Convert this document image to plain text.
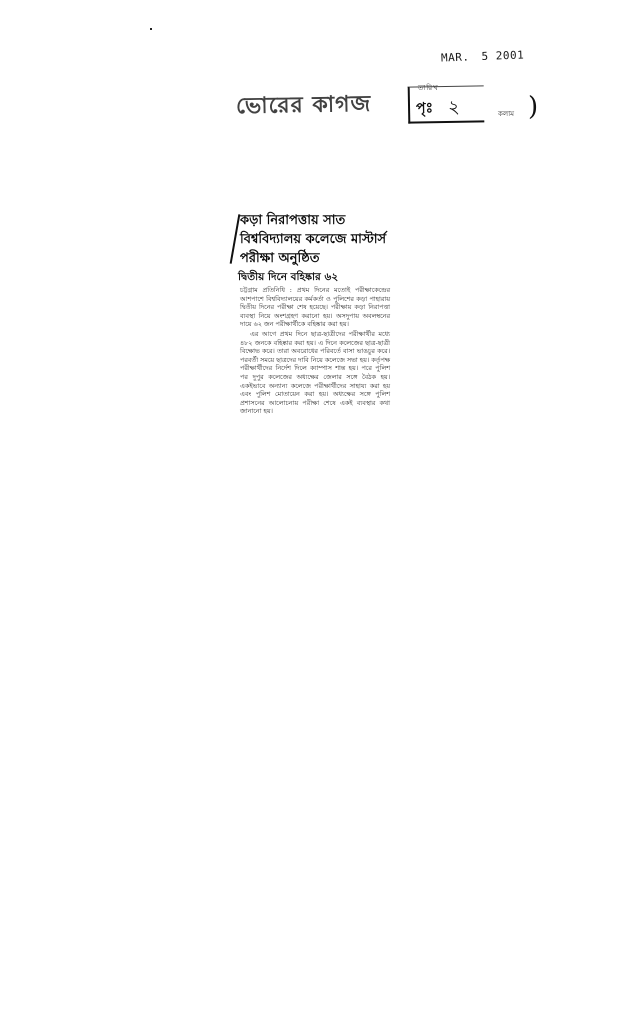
MAR. 5 2001
ভোরের কাগজ
তারিখ
পৃঃ ২	কলাম )
কড়া নিরাপত্তায় সাত
বিশ্ববিদ্যালয় কলেজে মাস্টার্স
পরীক্ষা অনুষ্ঠিত
দ্বিতীয় দিনে বহিষ্কার ৬২

চট্টগ্রাম প্রতিনিধি : প্রথম দিনের মতোই পরীক্ষাকেন্দ্রের আশপাশে বিশ্ববিদ্যালয়ের কর্মকর্তা ও পুলিশের কড়া পাহারায় দ্বিতীয় দিনের পরীক্ষা শেষ হয়েছে। পরীক্ষায় কড়া নিরাপত্তা ব্যবস্থা নিয়ে অংশগ্রহণ করানো হয়। অসদুপায় অবলম্বনের দায়ে ৬২ জন পরীক্ষার্থীকে বহিষ্কার করা হয়।

এর আগে প্রথম দিনে ছাত্র-ছাত্রীদের পরীক্ষার্থীর মধ্যে ৪৮২ জনকে বহিষ্কার করা হয়। এ দিনে কলেজের ছাত্র-ছাত্রী বিক্ষোভ করে। তারা অবরোধের পরিবর্তে বাসা ভাঙচুর করে। পরবর্তী সময়ে ছাত্রদের দাবি নিয়ে কলেজে সভা হয়। কর্তৃপক্ষ পরীক্ষার্থীদের নির্দেশ দিলে ক্যাম্পাস শান্ত হয়। পরে পুলিশ পর দুপুর কলেজের অধ্যক্ষের জেলার সঙ্গে বৈঠক হয়। একইভাবে অন্যান্য কলেজে পরীক্ষার্থীদের সাহায্য করা হয় এবং পুলিশ মোতায়েন করা হয়। অধ্যক্ষের সঙ্গে পুলিশ প্রশাসনের আলোচনায় পরীক্ষা শেষে একই ব্যবস্থার কথা জানানো হয়।
